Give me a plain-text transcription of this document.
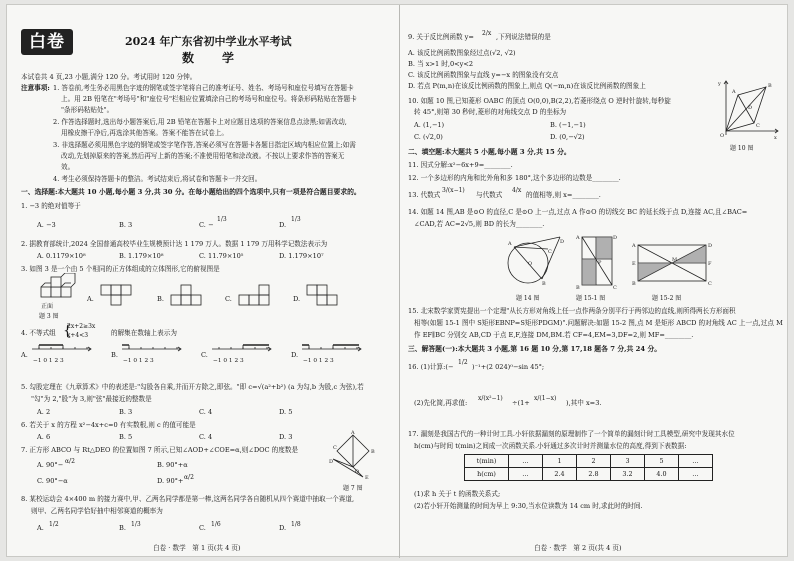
白卷	2024 年广东省初中学业水平考试
数　学
本试卷共 4 页,23 小题,满分 120 分。考试用时 120 分钟。
注意事项: 1. 答卷前,考生务必用黑色字迹的钢笔或签字笔将自己的准考证号、姓名、考场号和座位号填写在答题卡
上。用 2B 铅笔在"考场号"和"座位号"栏相应位置填涂自己的考场号和座位号。将条形码粘贴在答题卡
"条形码粘贴处"。
2. 作答选择题时,选出每小题答案后,用 2B 铅笔在答题卡上对应题目选项的答案信息点涂黑;如需改动,
用橡皮擦干净后,再选涂其他答案。答案不能答在试卷上。
3. 非选择题必须用黑色字迹的钢笔或签字笔作答,答案必须写在答题卡各题目指定区域内相应位置上;如需
改动,先划掉原来的答案,然后再写上新的答案;不准使用铅笔和涂改液。不按以上要求作答的答案无
效。
4. 考生必须保持答题卡的整洁。考试结束后,将试卷和答题卡一并交回。
一、选择题:本大题共 10 小题,每小题 3 分,共 30 分。在每小题给出的四个选项中,只有一项是符合题目要求的。
1. −3 的绝对值等于
A. −3	B. 3	C. −
1/3
D.
1/3
2. 据教育部统计,2024 全国普通高校毕业生规模预计达 1 179 万人。数据 1 179 万用科学记数法表示为
A. 0.1179×10⁸	B. 1.179×10⁸	C. 11.79×10⁵	D. 1.179×10⁷
3. 如图 3 是一个由 5 个相同的正方体组成的立体图形,它的俯视图是
正面
题 3 图
A.	B.	C.	D.
4. 不等式组
2x+2≥3x
x+4<3
{	的解集在数轴上表示为
A.
−1 0 1 2 3
B.
−1 0 1 2 3
C.
−1 0 1 2 3
D.
−1 0 1 2 3
5. 勾股定理在《九章算术》中的表述是:"勾股各自乘,并而开方除之,即弦。"即 c=√(a²+b²) (a 为勾,b 为股,c 为弦),若
"勾"为 2,"股"为 3,则"弦"最接近的整数是
A. 2	B. 3	C. 4	D. 5
6. 若关于 x 的方程 x²−4x+c=0 有实数根,则 c 的值可能是
A. 6	B. 5	C. 4	D. 3
7. 正方形 ABCO 与 Rt△DEO 的位置如图 7 所示,已知∠AOD+∠COE=α,则∠DOC 的度数是
A. 90°− α/2	B. 90°+α
C. 90°−α	D. 90°+ α/2
A
B
C
O
D
E
题 7 图
8. 某校运动会 4×400 m 的接力赛中,甲、乙两名同学都是第一棒,这两名同学各自随机从四个赛道中抽取一个赛道,
则甲、乙两名同学恰好抽中相邻赛道的概率为
A. 1/2	B. 1/3	C. 1/6	D. 1/8
白卷 · 数学　第 1 页(共 4 页)
9. 关于反比例函数 y= 2/x ,下列说法错误的是
A. 该反比例函数图象经过点(√2, √2)
B. 当 x>1 时,0<y<2
C. 该反比例函数图象与直线 y=−x 的图象没有交点
D. 若点 P(m,n)在该反比例函数的图象上,则点 Q(−m,n)在该反比例函数的图象上
10. 如题 10 图,已知菱形 OABC 的顶点 O(0,0),B(2,2),若菱形绕点 O 逆时针旋转,每秒旋
转 45°,则第 30 秒时,菱形的对角线交点 D 的坐标为
A. (1,−1)	B. (−1,−1)
C. (√2,0)	D. (0,−√2)
A
B
C
O
D
x
y
题 10 图
二、填空题:本大题共 5 小题,每小题 3 分,共 15 分。
11. 因式分解:x²−6x+9=________.
12. 一个多边形的内角和比外角和多 180°,这个多边形的边数是________.
13. 代数式
3/(x−1)
与代数式
4/x
的值相等,则 x=________.
14. 如题 14 图,AB 是⊙O 的直径,C 是⊙O 上一点,过点 A 作⊙O 的切线交 BC 的延长线于点 D,连接 AC,且∠BAC=
∠CAD,若 AC=2√5,则 BD 的长为________.
A	D
C
B
O
题 14 图
A	D
B	C
P
题 15-1 图
A	D
B	C
E	F
M
题 15-2 图
15. 北宋数学家贾宪提出一个定理"从长方形对角线上任一点作两条分别平行于两邻边的直线,则所得两长方形面积
相等(如题 15-1 图中 S矩形EBNP=S矩形PDGM)".问题解决:如题 15-2 图,点 M 是矩形 ABCD 的对角线 AC 上一点,过点 M
作 EF∥BC 分别交 AB,CD 于点 E,F,连接 DM,BM.若 CF=4,EM=3,DF=2,则 MF=________.
三、解答题(一):本大题共 3 小题,第 16 题 10 分,第 17,18 题各 7 分,共 24 分。
16. (1)计算:(−
1/2
)⁻¹+(2 024)⁰−sin 45°;
(2)先化简,再求值:
x/(x²−1)
÷(1+
x/(1−x)
),其中 x=3.
17. 漏刻是我国古代的一种计时工具.小轩依据漏刻的原理制作了一个简单的漏刻计时工具模型,研究中发现其水位
h(cm)与时间 t(min)之间成一次函数关系.小轩通过多次计时并测量水位的高度,得到下表数据:
t(min)	…	1	2	3	5	…
h(cm)	…	2.4	2.8	3.2	4.0	…
(1)求 h 关于 t 的函数关系式;
(2)若小轩开始测量的时间为早上 9:30,当水位读数为 14 cm 时,求此时的时间.
白卷 · 数学　第 2 页(共 4 页)
